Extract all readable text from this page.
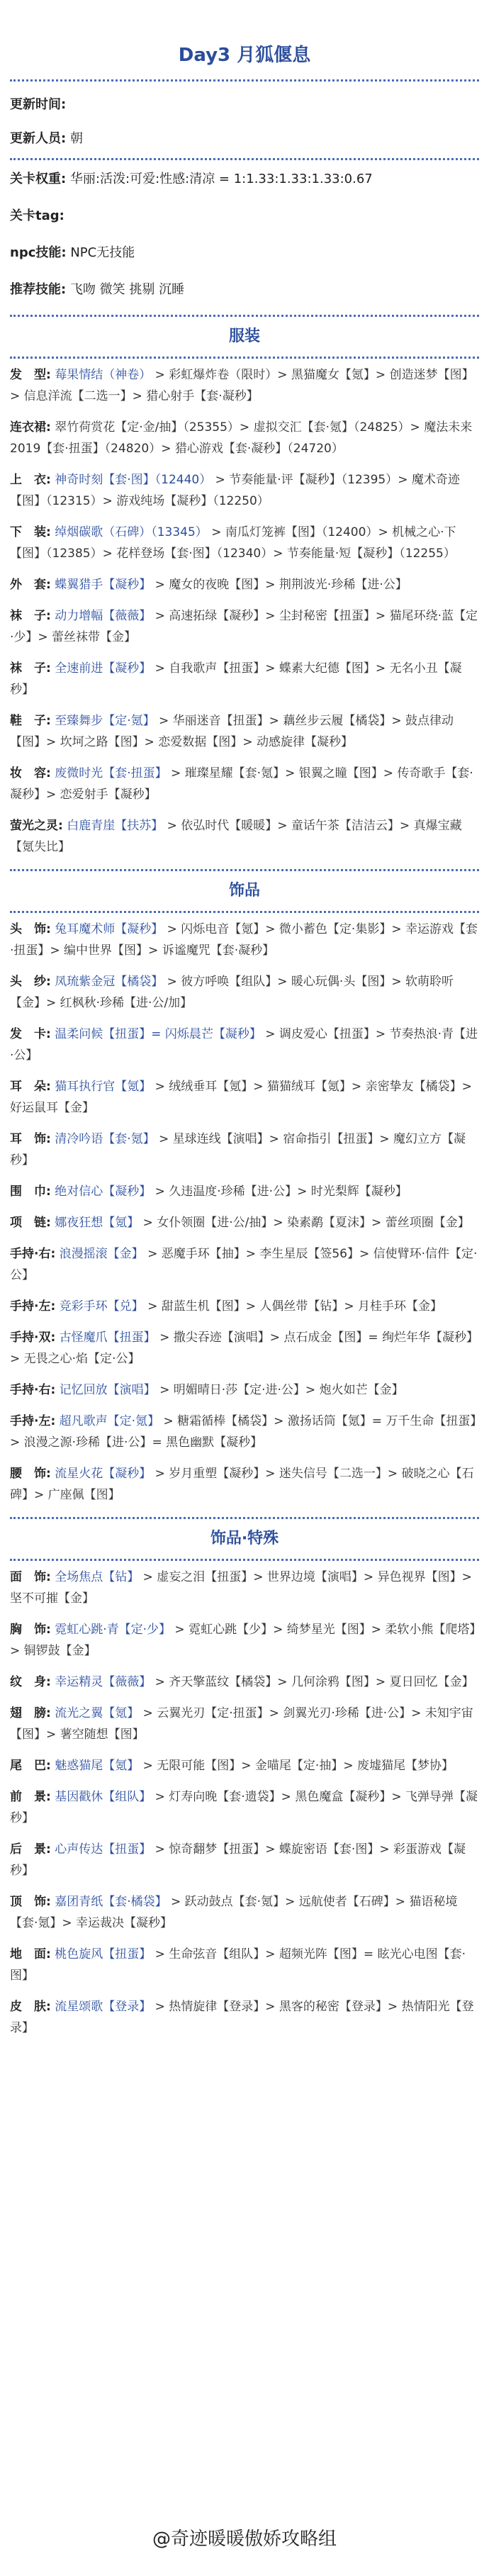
Day3 月狐偃息
更新时间:
更新人员: 朝
关卡权重: 华丽:活泼:可爱:性感:清凉 = 1:1.33:1.33:1.33:0.67
关卡tag:
npc技能: NPC无技能
推荐技能: 飞吻 微笑 挑剔 沉睡
服装
发　型: 莓果情结（神卷） > 彩虹爆炸卷（限时）> 黑猫魔女【氪】> 创造迷梦【图】> 信息洋流【二选一】> 猎心射手【套·凝秒】
连衣裙: 翠竹荷赏花【定·金/抽】（25355）> 虚拟交汇【套·氪】（24825）> 魔法未来2019【套·扭蛋】（24820）> 猎心游戏【套·凝秒】（24720）
上　衣: 神奇时刻【套·图】（12440） > 节奏能量·评【凝秒】（12395）> 魔术奇迹【图】（12315）> 游戏纯场【凝秒】（12250）
下　装: 绰烟碳歌（石碑）（13345） > 南瓜灯笼裤【图】（12400）> 机械之心·下【图】（12385）> 花样登场【套·图】（12340）> 节奏能量·短【凝秒】（12255）
外　套: 蝶翼猎手【凝秒】 > 魔女的夜晚【图】> 荆荆波光·珍稀【进·公】
袜　子: 动力增幅【薇薇】 > 高速拓绿【凝秒】> 尘封秘密【扭蛋】> 猫尾环绕·蓝【定·少】> 蕾丝袜带【金】
袜　子: 全速前进【凝秒】 > 自我歌声【扭蛋】> 蝶素大纪德【图】> 无名小丑【凝秒】
鞋　子: 至臻舞步【定·氪】 > 华丽迷音【扭蛋】> 藕丝步云履【橘袋】> 鼓点律动【图】> 坎坷之路【图】> 恋爱数据【图】> 动感旋律【凝秒】
妆　容: 废微时光【套·扭蛋】 > 璀璨星耀【套·氪】> 银翼之瞳【图】> 传奇歌手【套·凝秒】> 恋爱射手【凝秒】
萤光之灵: 白鹿青崖【扶苏】 > 依弘时代【暖暖】> 童话午茶【洁洁云】> 真爆宝藏【氪失比】
饰品
头　饰: 兔耳魔术师【凝秒】 > 闪烁电音【氪】> 微小蓄色【定·集影】> 幸运游戏【套·扭蛋】> 编中世界【图】> 诉谧魔咒【套·凝秒】
头　纱: 凤琉紫金冠【橘袋】 > 彼方呼唤【组队】> 暖心玩偶·头【图】> 软萌聆听【金】> 红枫秋·珍稀【进·公/加】
发　卡: 温柔问候【扭蛋】= 闪烁晨芒【凝秒】 > 调皮爱心【扭蛋】> 节奏热浪·青【进·公】
耳　朵: 猫耳执行官【氪】 > 绒绒垂耳【氪】> 猫猫绒耳【氪】> 亲密挚友【橘袋】> 好运鼠耳【金】
耳　饰: 清冷吟语【套·氪】 > 星球连线【演唱】> 宿命指引【扭蛋】> 魔幻立方【凝秒】
围　巾: 绝对信心【凝秒】 > 久违温度·珍稀【进·公】> 时光梨辉【凝秒】
项　链: 娜夜狂想【氪】 > 女仆领圈【进·公/抽】> 染素鹬【夏沫】> 蕾丝项圈【金】
手持·右: 浪漫摇滚【金】 > 恶魔手环【抽】> 李生星辰【签56】> 信使臂环·信件【定·公】
手持·左: 竞彩手环【兑】 > 甜蓝生机【图】> 人偶丝带【钻】> 月桂手环【金】
手持·双: 古怪魔爪【扭蛋】 > 撒尖吞迹【演唱】> 点石成金【图】= 绚烂年华【凝秒】> 无畏之心·焰【定·公】
手持·右: 记忆回放【演唱】 > 明媚晴日·莎【定·进·公】> 炮火如芒【金】
手持·左: 超凡歌声【定·氪】 > 糖霜循棒【橘袋】> 激扬话筒【氪】= 万千生命【扭蛋】> 浪漫之源·珍稀【进·公】= 黑色幽默【凝秒】
腰　饰: 流星火花【凝秒】 > 岁月重塑【凝秒】> 迷失信号【二选一】> 破晓之心【石碑】> 广座佩【图】
饰品·特殊
面　饰: 全场焦点【钻】 > 虚妄之泪【扭蛋】> 世界边境【演唱】> 异色视界【图】> 坚不可摧【金】
胸　饰: 霓虹心跳·青【定·少】 > 霓虹心跳【少】> 绮梦星光【图】> 柔软小熊【爬塔】> 铜锣鼓【金】
纹　身: 幸运精灵【薇薇】 > 齐天擎蓝纹【橘袋】> 几何涂鸦【图】> 夏日回忆【金】
翅　膀: 流光之翼【氪】 > 云翼光刃【定·扭蛋】> 剑翼光刃·珍稀【进·公】> 未知宇宙【图】> 薯空随想【图】
尾　巴: 魅惑猫尾【氪】 > 无限可能【图】> 金喵尾【定·抽】> 废墟猫尾【梦协】
前　景: 基因戳休【组队】 > 灯寿向晚【套·遗袋】> 黑色魔盒【凝秒】> 飞弹导弹【凝秒】
后　景: 心声传达【扭蛋】 > 惊奇翻梦【扭蛋】> 蝶旋密语【套·图】> 彩蛋游戏【凝秒】
顶　饰: 嘉团青纸【套·橘袋】 > 跃动鼓点【套·氪】> 远航使者【石碑】> 猫语秘境【套·氪】> 幸运裁决【凝秒】
地　面: 桃色旋风【扭蛋】 > 生命弦音【组队】> 超频光阵【图】= 眩光心电图【套·图】
皮　肤: 流星颂歌【登录】 > 热情旋律【登录】> 黑客的秘密【登录】> 热情阳光【登录】
@奇迹暖暖傲娇攻略组
